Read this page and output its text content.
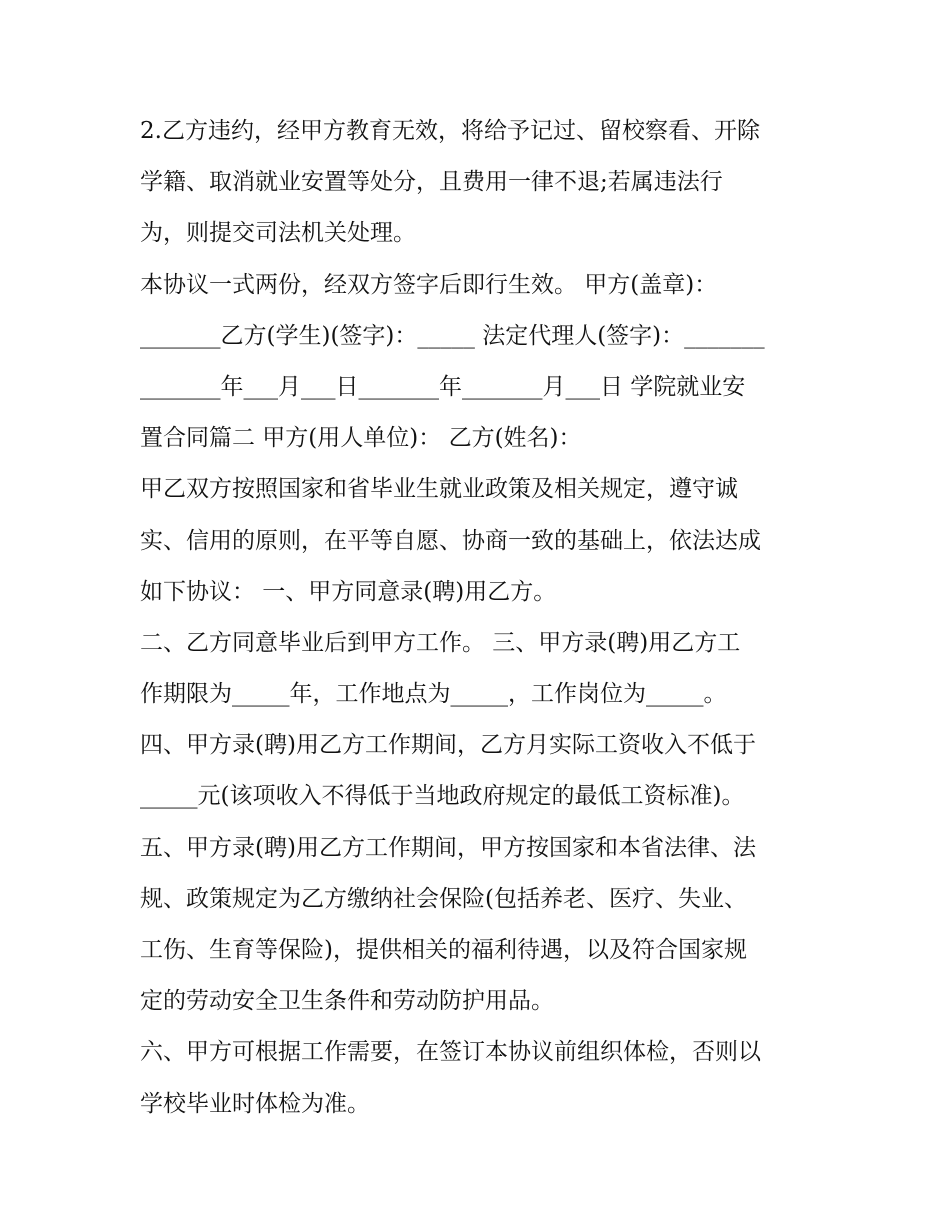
2.乙方违约，经甲方教育无效，将给予记过、留校察看、开除
学籍、取消就业安置等处分，且费用一律不退;若属违法行
为，则提交司法机关处理。
本协议一式两份，经双方签字后即行生效。 甲方(盖章)：
_______乙方(学生)(签字)：_____ 法定代理人(签字)：_______
_______年___月___日_______年_______月___日 学院就业安
置合同篇二 甲方(用人单位)： 乙方(姓名)：
甲乙双方按照国家和省毕业生就业政策及相关规定，遵守诚
实、信用的原则，在平等自愿、协商一致的基础上，依法达成
如下协议： 一、甲方同意录(聘)用乙方。
二、乙方同意毕业后到甲方工作。 三、甲方录(聘)用乙方工
作期限为_____年，工作地点为_____，工作岗位为_____。
四、甲方录(聘)用乙方工作期间，乙方月实际工资收入不低于
_____元(该项收入不得低于当地政府规定的最低工资标准)。
五、甲方录(聘)用乙方工作期间，甲方按国家和本省法律、法
规、政策规定为乙方缴纳社会保险(包括养老、医疗、失业、
工伤、生育等保险)，提供相关的福利待遇，以及符合国家规
定的劳动安全卫生条件和劳动防护用品。
六、甲方可根据工作需要，在签订本协议前组织体检，否则以
学校毕业时体检为准。
